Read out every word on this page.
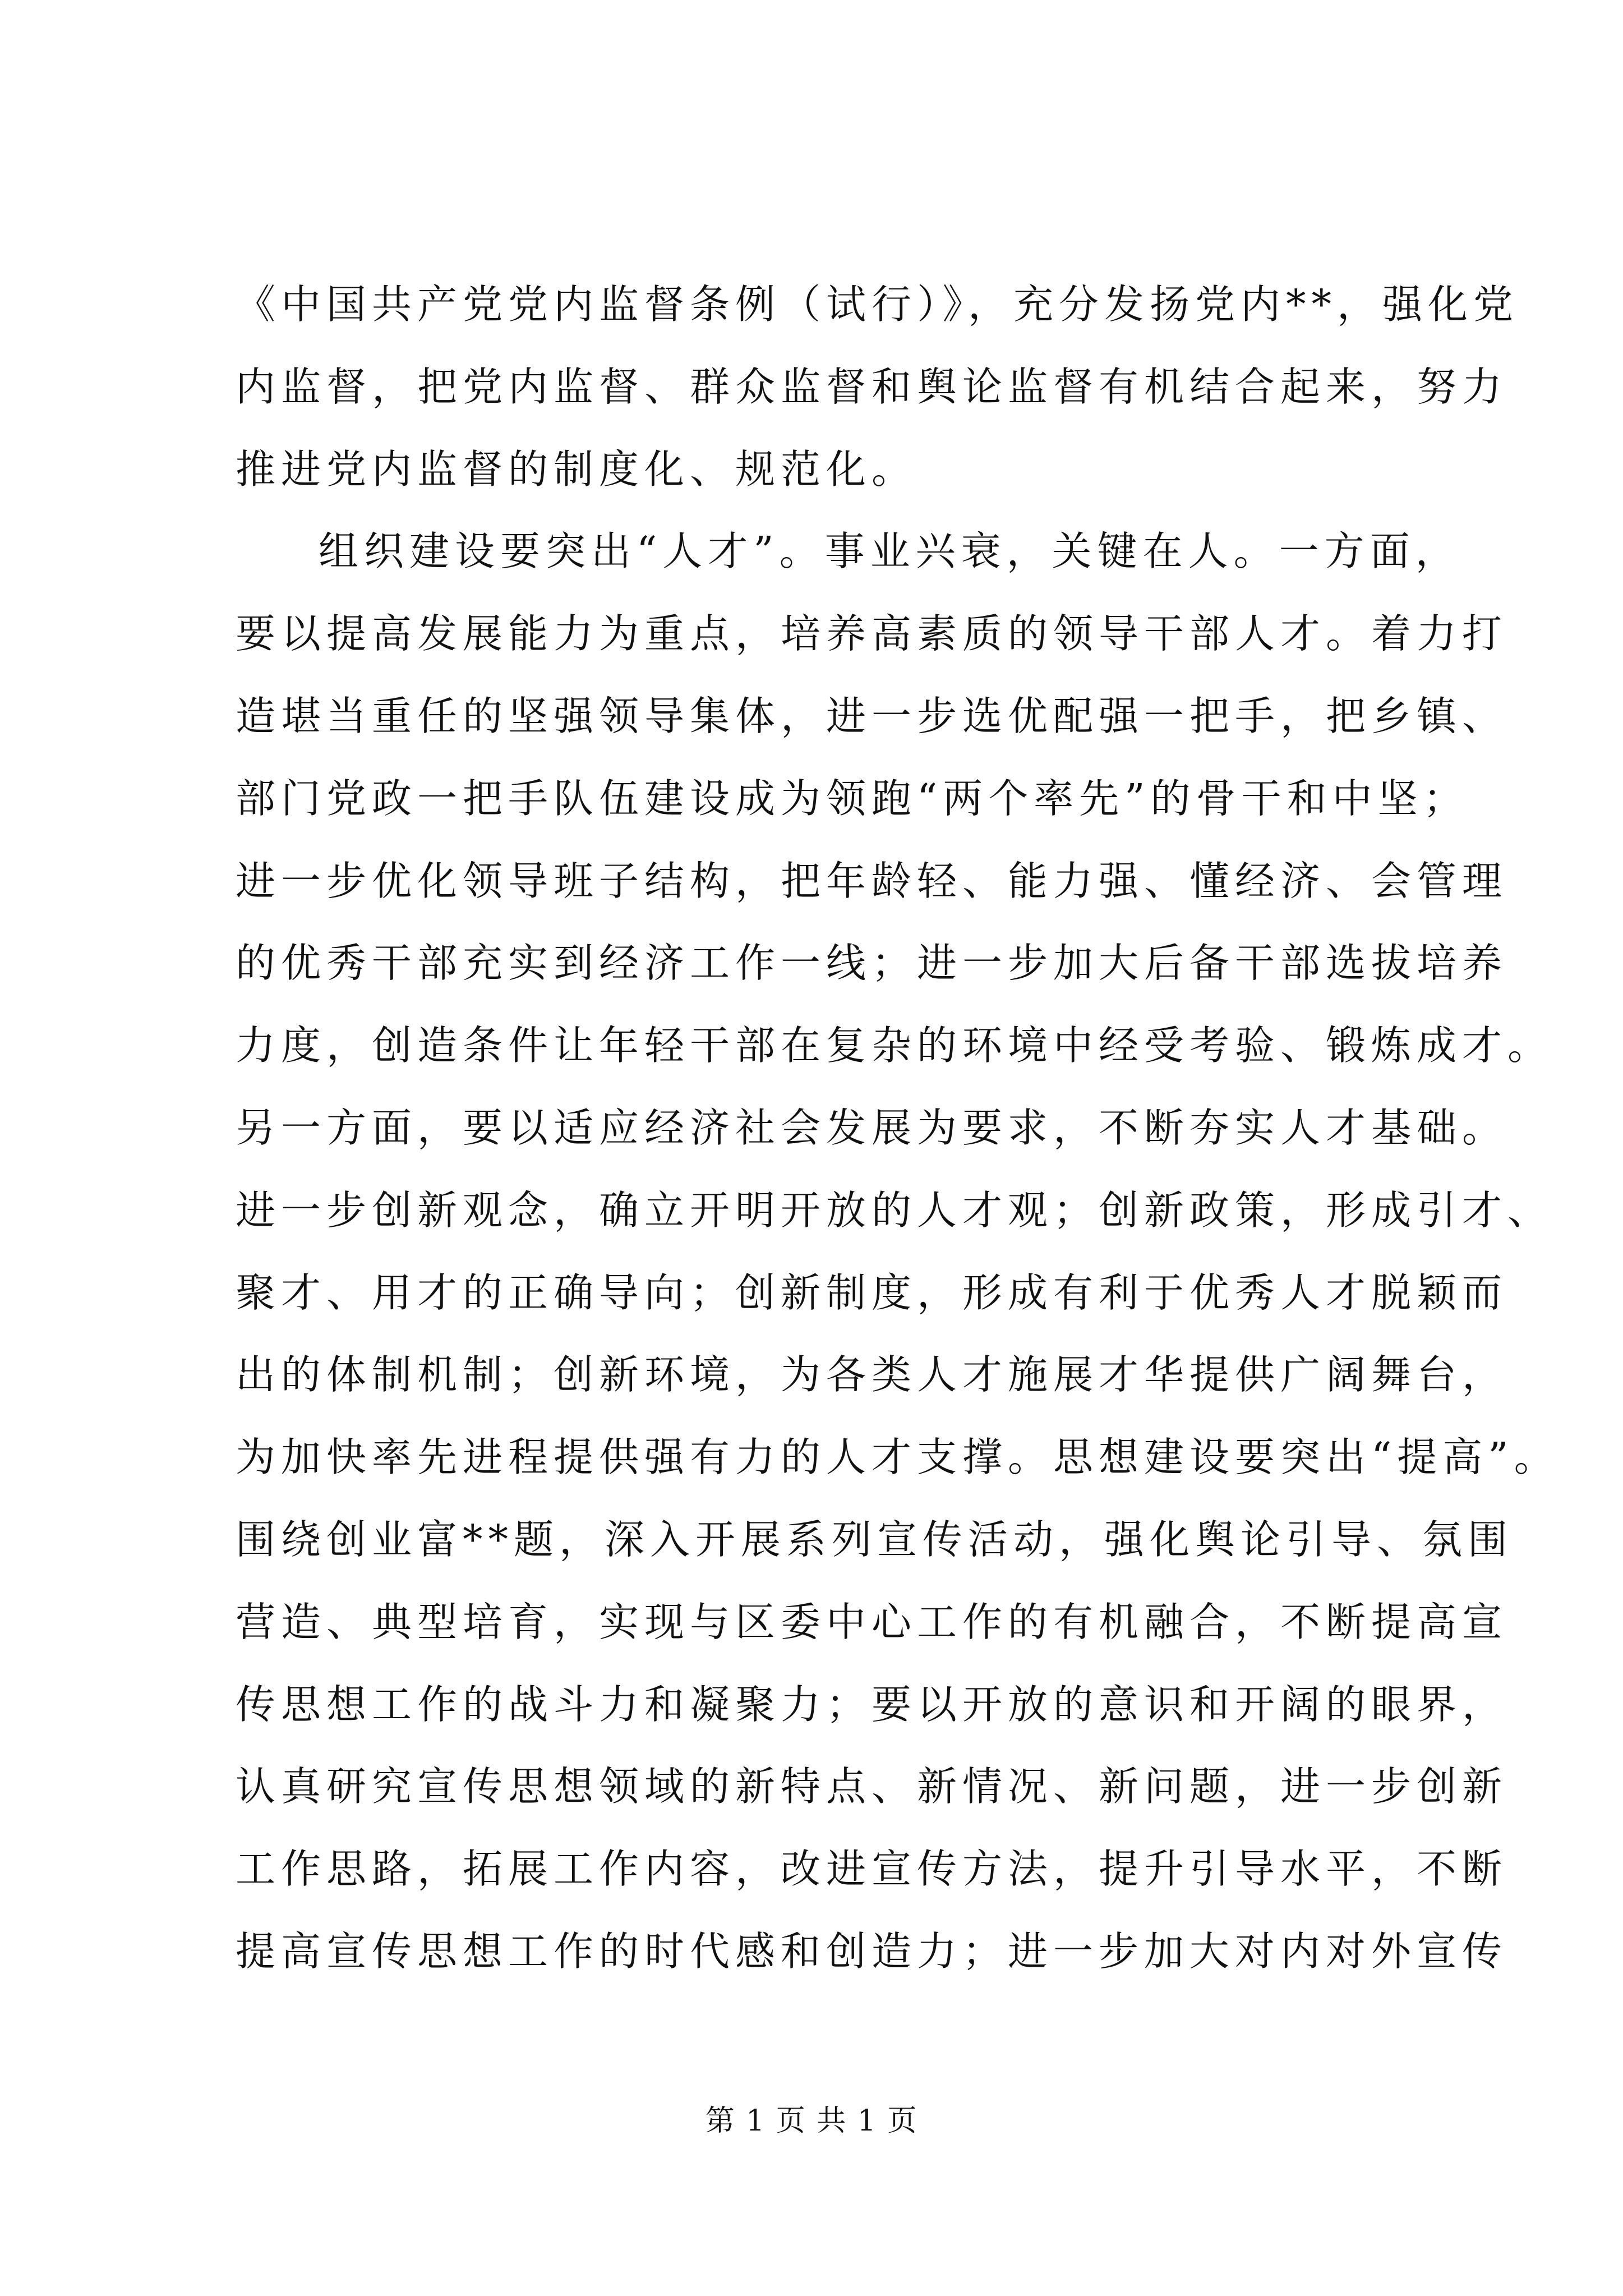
《中国共产党党内监督条例（试行）》，充分发扬党内**，强化党
内监督，把党内监督、群众监督和舆论监督有机结合起来，努力
推进党内监督的制度化、规范化。
组织建设要突出“人才”。事业兴衰，关键在人。一方面，
要以提高发展能力为重点，培养高素质的领导干部人才。着力打
造堪当重任的坚强领导集体，进一步选优配强一把手，把乡镇、
部门党政一把手队伍建设成为领跑“两个率先”的骨干和中坚；
进一步优化领导班子结构，把年龄轻、能力强、懂经济、会管理
的优秀干部充实到经济工作一线；进一步加大后备干部选拔培养
力度，创造条件让年轻干部在复杂的环境中经受考验、锻炼成才。
另一方面，要以适应经济社会发展为要求，不断夯实人才基础。
进一步创新观念，确立开明开放的人才观；创新政策，形成引才、
聚才、用才的正确导向；创新制度，形成有利于优秀人才脱颖而
出的体制机制；创新环境，为各类人才施展才华提供广阔舞台，
为加快率先进程提供强有力的人才支撑。思想建设要突出“提高”。
围绕创业富**题，深入开展系列宣传活动，强化舆论引导、氛围
营造、典型培育，实现与区委中心工作的有机融合，不断提高宣
传思想工作的战斗力和凝聚力；要以开放的意识和开阔的眼界，
认真研究宣传思想领域的新特点、新情况、新问题，进一步创新
工作思路，拓展工作内容，改进宣传方法，提升引导水平，不断
提高宣传思想工作的时代感和创造力；进一步加大对内对外宣传
第 1 页 共 1 页
